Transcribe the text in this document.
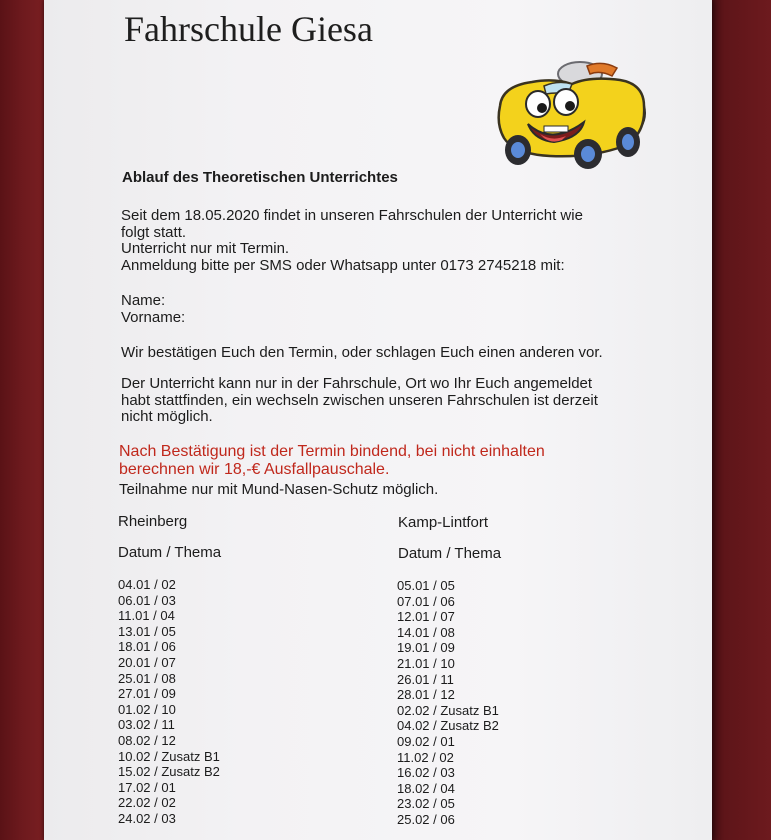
Fahrschule Giesa
Ablauf des Theoretischen Unterrichtes
Seit dem 18.05.2020 findet in unseren Fahrschulen der Unterricht wie
folgt statt.
Unterricht nur mit Termin.
Anmeldung bitte per SMS oder Whatsapp unter 0173 2745218 mit:
Name:
Vorname:
Wir bestätigen Euch den Termin, oder schlagen Euch einen anderen vor.
Der Unterricht kann nur in der Fahrschule, Ort wo Ihr Euch angemeldet
habt stattfinden, ein wechseln zwischen unseren Fahrschulen ist derzeit
nicht möglich.
Nach Bestätigung ist der Termin bindend, bei nicht einhalten
berechnen wir 18,-€ Ausfallpauschale.
Teilnahme nur mit Mund-Nasen-Schutz möglich.
Rheinberg	Kamp-Lintfort
Datum / Thema	Datum / Thema
04.01 / 02
06.01 / 03
11.01 / 04
13.01 / 05
18.01 / 06
20.01 / 07
25.01 / 08
27.01 / 09
01.02 / 10
03.02 / 11
08.02 / 12
10.02 / Zusatz B1
15.02 / Zusatz B2
17.02 / 01
22.02 / 02
24.02 / 03
05.01 / 05
07.01 / 06
12.01 / 07
14.01 / 08
19.01 / 09
21.01 / 10
26.01 / 11
28.01 / 12
02.02 / Zusatz B1
04.02 / Zusatz B2
09.02 / 01
11.02 / 02
16.02 / 03
18.02 / 04
23.02 / 05
25.02 / 06
